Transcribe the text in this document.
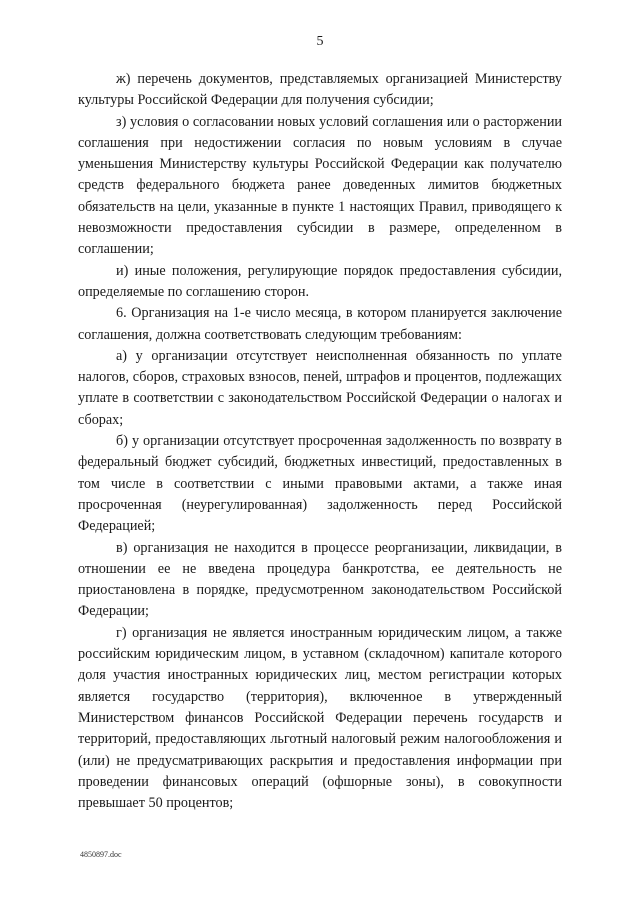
5

ж) перечень документов, представляемых организацией Министерству культуры Российской Федерации для получения субсидии;

з) условия о согласовании новых условий соглашения или о расторжении соглашения при недостижении согласия по новым условиям в случае уменьшения Министерству культуры Российской Федерации как получателю средств федерального бюджета ранее доведенных лимитов бюджетных обязательств на цели, указанные в пункте 1 настоящих Правил, приводящего к невозможности предоставления субсидии в размере, определенном в соглашении;

и) иные положения, регулирующие порядок предоставления субсидии, определяемые по соглашению сторон.

6. Организация на 1-е число месяца, в котором планируется заключение соглашения, должна соответствовать следующим требованиям:

а) у организации отсутствует неисполненная обязанность по уплате налогов, сборов, страховых взносов, пеней, штрафов и процентов, подлежащих уплате в соответствии с законодательством Российской Федерации о налогах и сборах;

б) у организации отсутствует просроченная задолженность по возврату в федеральный бюджет субсидий, бюджетных инвестиций, предоставленных в том числе в соответствии с иными правовыми актами, а также иная просроченная (неурегулированная) задолженность перед Российской Федерацией;

в) организация не находится в процессе реорганизации, ликвидации, в отношении ее не введена процедура банкротства, ее деятельность не приостановлена в порядке, предусмотренном законодательством Российской Федерации;

г) организация не является иностранным юридическим лицом, а также российским юридическим лицом, в уставном (складочном) капитале которого доля участия иностранных юридических лиц, местом регистрации которых является государство (территория), включенное в утвержденный Министерством финансов Российской Федерации перечень государств и территорий, предоставляющих льготный налоговый режим налогообложения и (или) не предусматривающих раскрытия и предоставления информации при проведении финансовых операций (офшорные зоны), в совокупности превышает 50 процентов;

4850897.doc
